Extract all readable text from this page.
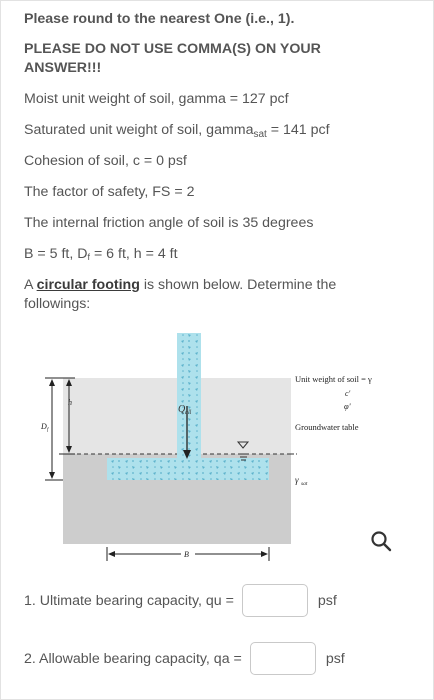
Please round to the nearest One (i.e., 1).
PLEASE DO NOT USE COMMA(S) ON YOUR
ANSWER!!!
Moist unit weight of soil, gamma = 127 pcf
Saturated unit weight of soil, gamma$_{sat}$ = 141 pcf
Cohesion of soil, c = 0 psf
The factor of safety, FS = 2
The internal friction angle of soil is 35 degrees
B = 5 ft, Df = 6 ft, h = 4 ft
A circular footing is shown below. Determine the
followings:
Q all
D f
h
B
Unit weight of soil = γ
c'
φ'
Groundwater table
γ sat
1. Ultimate bearing capacity, qu =	psf
2. Allowable bearing capacity, qa =	psf
